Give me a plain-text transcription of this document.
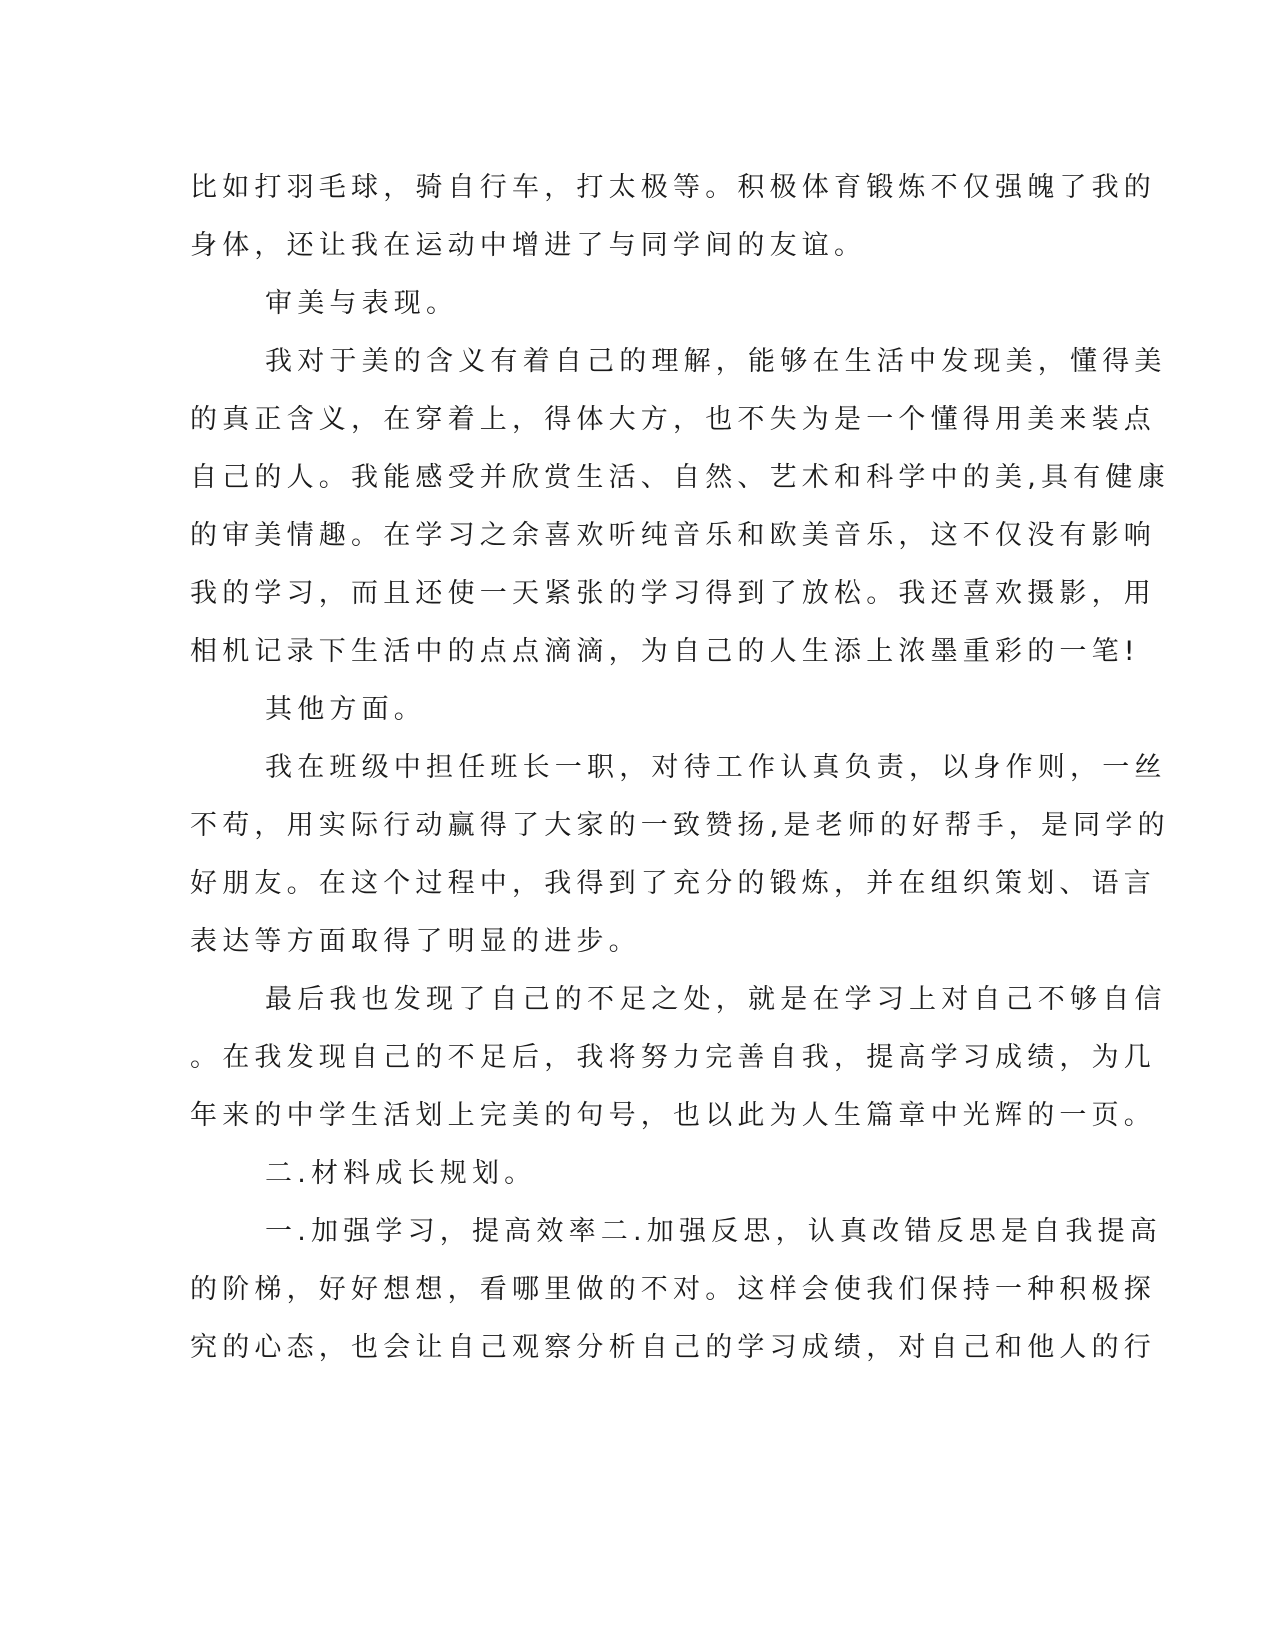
比如打羽毛球，骑自行车，打太极等。积极体育锻炼不仅强魄了我的

身体，还让我在运动中增进了与同学间的友谊。

审美与表现。

我对于美的含义有着自己的理解，能够在生活中发现美，懂得美

的真正含义，在穿着上，得体大方，也不失为是一个懂得用美来装点

自己的人。我能感受并欣赏生活、自然、艺术和科学中的美,具有健康

的审美情趣。在学习之余喜欢听纯音乐和欧美音乐，这不仅没有影响

我的学习，而且还使一天紧张的学习得到了放松。我还喜欢摄影，用

相机记录下生活中的点点滴滴，为自己的人生添上浓墨重彩的一笔!

其他方面。

我在班级中担任班长一职，对待工作认真负责，以身作则，一丝

不苟，用实际行动赢得了大家的一致赞扬,是老师的好帮手，是同学的

好朋友。在这个过程中，我得到了充分的锻炼，并在组织策划、语言

表达等方面取得了明显的进步。

最后我也发现了自己的不足之处，就是在学习上对自己不够自信

。在我发现自己的不足后，我将努力完善自我，提高学习成绩，为几

年来的中学生活划上完美的句号，也以此为人生篇章中光辉的一页。

二.材料成长规划。

一.加强学习，提高效率二.加强反思，认真改错反思是自我提高

的阶梯，好好想想，看哪里做的不对。这样会使我们保持一种积极探

究的心态，也会让自己观察分析自己的学习成绩，对自己和他人的行
